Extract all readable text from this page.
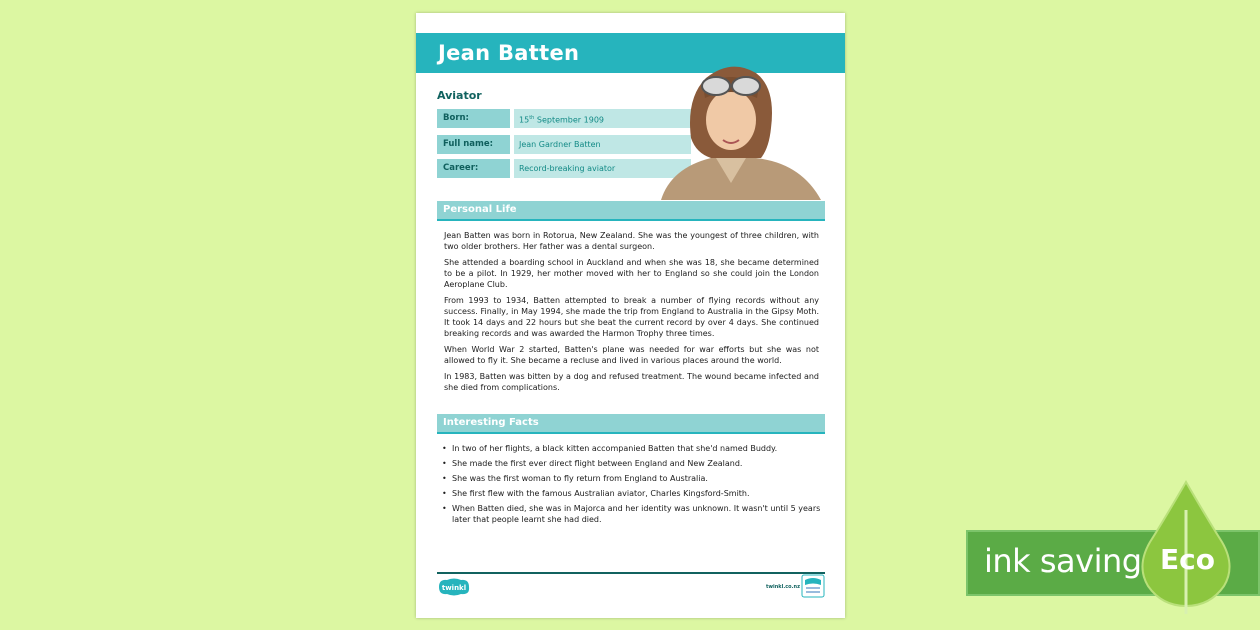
Jean Batten
Aviator
Born:	15th September 1909
Full name:	Jean Gardner Batten
Career:	Record-breaking aviator
Personal Life

Jean Batten was born in Rotorua, New Zealand. She was the youngest of three children, with two older brothers. Her father was a dental surgeon.

She attended a boarding school in Auckland and when she was 18, she became determined to be a pilot. In 1929, her mother moved with her to England so she could join the London Aeroplane Club.

From 1993 to 1934, Batten attempted to break a number of flying records without any success. Finally, in May 1994, she made the trip from England to Australia in the Gipsy Moth. It took 14 days and 22 hours but she beat the current record by over 4 days. She continued breaking records and was awarded the Harmon Trophy three times.

When World War 2 started, Batten's plane was needed for war efforts but she was not allowed to fly it. She became a recluse and lived in various places around the world.

In 1983, Batten was bitten by a dog and refused treatment. The wound became infected and she died from complications.

Interesting Facts
• In two of her flights, a black kitten accompanied Batten that she'd named Buddy.
• She made the first ever direct flight between England and New Zealand.
• She was the first woman to fly return from England to Australia.
• She first flew with the famous Australian aviator, Charles Kingsford-Smith.
• When Batten died, she was in Majorca and her identity was unknown. It wasn't until 5 years later that people learnt she had died.
twinkl	twinkl.co.nz
ink saving Eco
